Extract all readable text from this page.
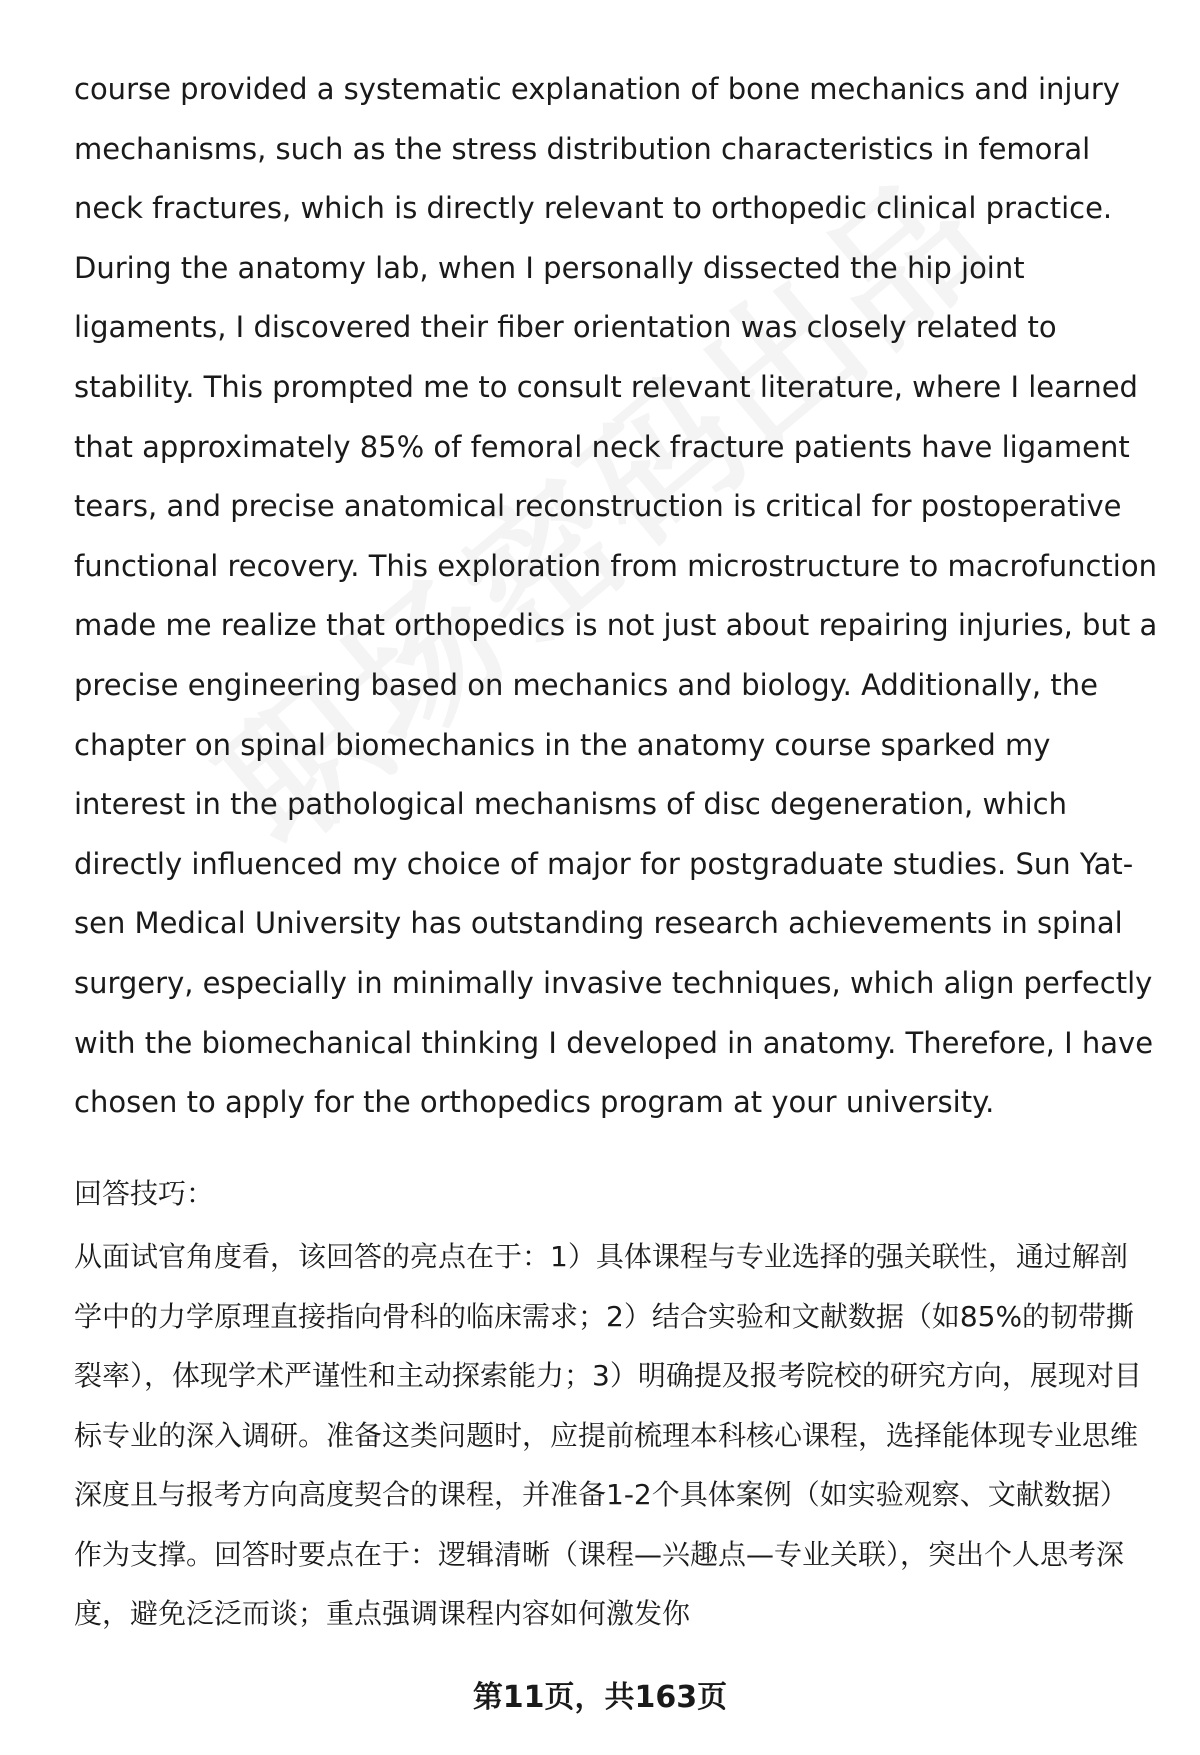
course provided a systematic explanation of bone mechanics and injury mechanisms, such as the stress distribution characteristics in femoral neck fractures, which is directly relevant to orthopedic clinical practice. During the anatomy lab, when I personally dissected the hip joint ligaments, I discovered their fiber orientation was closely related to stability. This prompted me to consult relevant literature, where I learned that approximately 85% of femoral neck fracture patients have ligament tears, and precise anatomical reconstruction is critical for postoperative functional recovery. This exploration from microstructure to macrofunction made me realize that orthopedics is not just about repairing injuries, but a precise engineering based on mechanics and biology. Additionally, the chapter on spinal biomechanics in the anatomy course sparked my interest in the pathological mechanisms of disc degeneration, which directly influenced my choice of major for postgraduate studies. Sun Yat-sen Medical University has outstanding research achievements in spinal surgery, especially in minimally invasive techniques, which align perfectly with the biomechanical thinking I developed in anatomy. Therefore, I have chosen to apply for the orthopedics program at your university.

回答技巧：

从面试官角度看，该回答的亮点在于：1）具体课程与专业选择的强关联性，通过解剖学中的力学原理直接指向骨科的临床需求；2）结合实验和文献数据（如85%的韧带撕裂率），体现学术严谨性和主动探索能力；3）明确提及报考院校的研究方向，展现对目标专业的深入调研。准备这类问题时，应提前梳理本科核心课程，选择能体现专业思维深度且与报考方向高度契合的课程，并准备1-2个具体案例（如实验观察、文献数据）作为支撑。回答时要点在于：逻辑清晰（课程—兴趣点—专业关联），突出个人思考深度，避免泛泛而谈；重点强调课程内容如何激发你

第11页，共163页
